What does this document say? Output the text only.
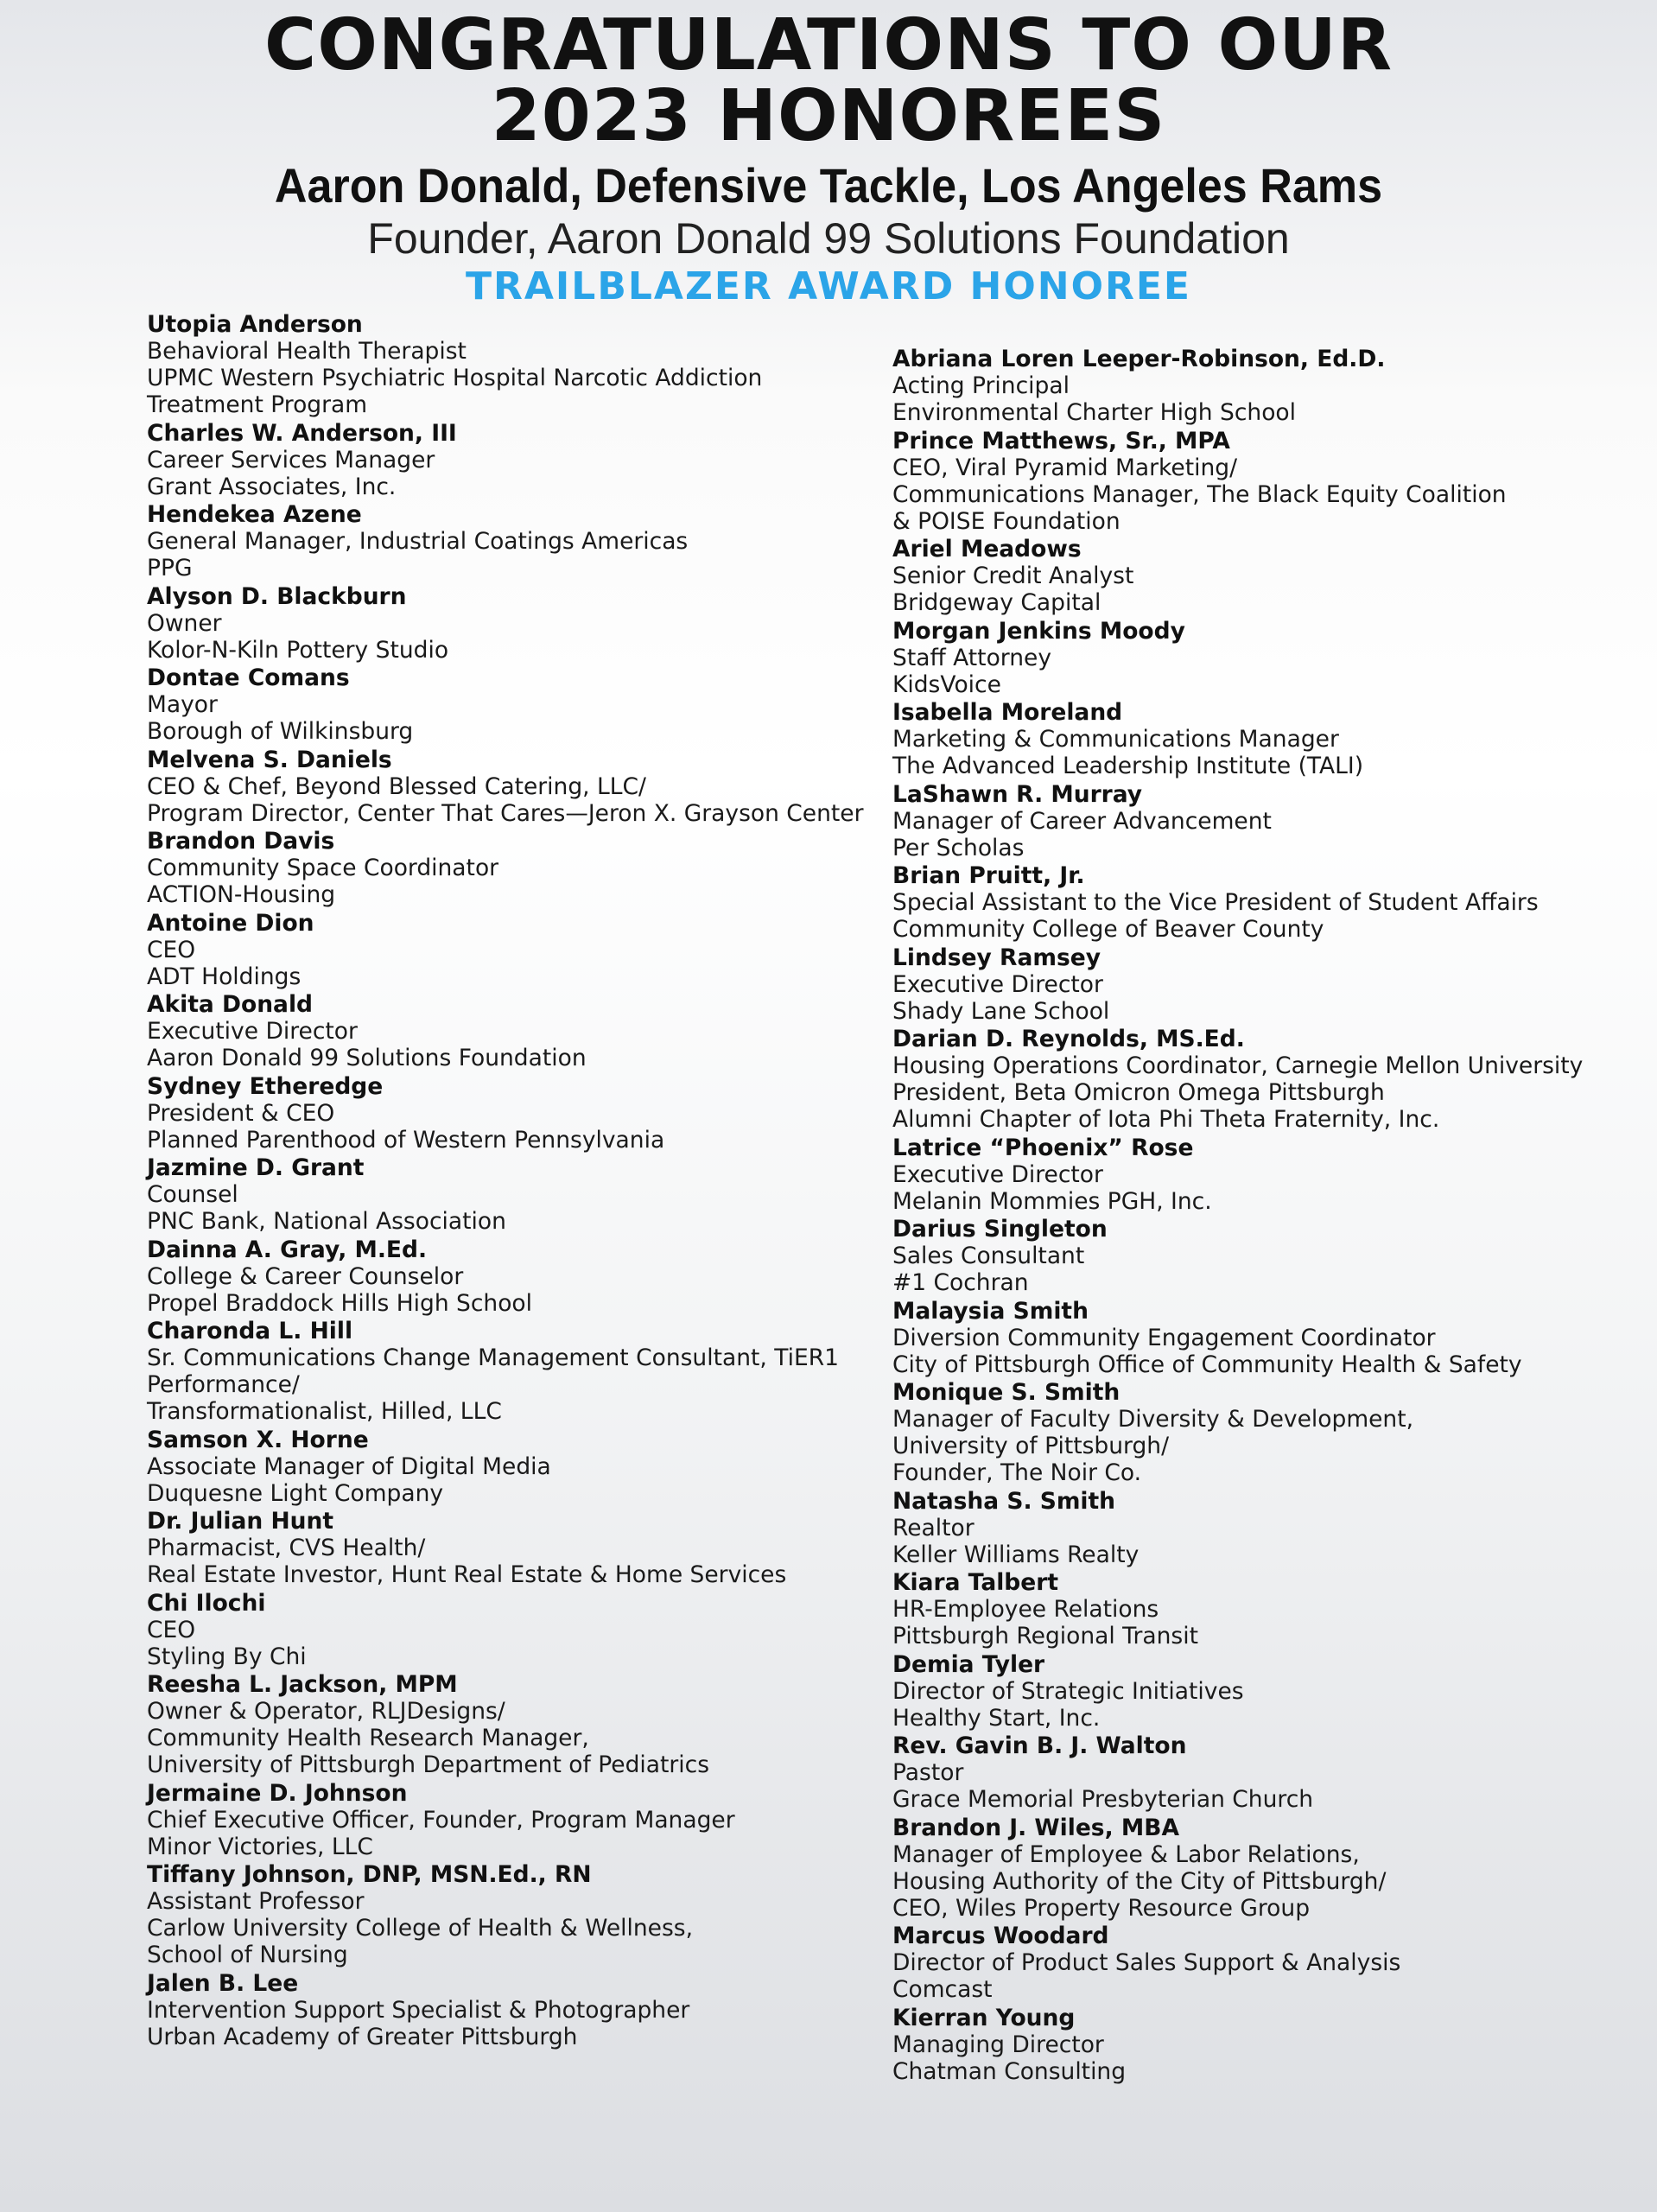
CONGRATULATIONS TO OUR
2023 HONOREES
Aaron Donald, Defensive Tackle, Los Angeles Rams
Founder, Aaron Donald 99 Solutions Foundation
TRAILBLAZER AWARD HONOREE
Utopia Anderson
Behavioral Health Therapist
UPMC Western Psychiatric Hospital Narcotic Addiction
Treatment Program
Charles W. Anderson, III
Career Services Manager
Grant Associates, Inc.
Hendekea Azene
General Manager, Industrial Coatings Americas
PPG
Alyson D. Blackburn
Owner
Kolor-N-Kiln Pottery Studio
Dontae Comans
Mayor
Borough of Wilkinsburg
Melvena S. Daniels
CEO & Chef, Beyond Blessed Catering, LLC/
Program Director, Center That Cares—Jeron X. Grayson Center
Brandon Davis
Community Space Coordinator
ACTION-Housing
Antoine Dion
CEO
ADT Holdings
Akita Donald
Executive Director
Aaron Donald 99 Solutions Foundation
Sydney Etheredge
President & CEO
Planned Parenthood of Western Pennsylvania
Jazmine D. Grant
Counsel
PNC Bank, National Association
Dainna A. Gray, M.Ed.
College & Career Counselor
Propel Braddock Hills High School
Charonda L. Hill
Sr. Communications Change Management Consultant, TiER1
Performance/
Transformationalist, Hilled, LLC
Samson X. Horne
Associate Manager of Digital Media
Duquesne Light Company
Dr. Julian Hunt
Pharmacist, CVS Health/
Real Estate Investor, Hunt Real Estate & Home Services
Chi Ilochi
CEO
Styling By Chi
Reesha L. Jackson, MPM
Owner & Operator, RLJDesigns/
Community Health Research Manager,
University of Pittsburgh Department of Pediatrics
Jermaine D. Johnson
Chief Executive Officer, Founder, Program Manager
Minor Victories, LLC
Tiffany Johnson, DNP, MSN.Ed., RN
Assistant Professor
Carlow University College of Health & Wellness,
School of Nursing
Jalen B. Lee
Intervention Support Specialist & Photographer
Urban Academy of Greater Pittsburgh
Abriana Loren Leeper-Robinson, Ed.D.
Acting Principal
Environmental Charter High School
Prince Matthews, Sr., MPA
CEO, Viral Pyramid Marketing/
Communications Manager, The Black Equity Coalition
& POISE Foundation
Ariel Meadows
Senior Credit Analyst
Bridgeway Capital
Morgan Jenkins Moody
Staff Attorney
KidsVoice
Isabella Moreland
Marketing & Communications Manager
The Advanced Leadership Institute (TALI)
LaShawn R. Murray
Manager of Career Advancement
Per Scholas
Brian Pruitt, Jr.
Special Assistant to the Vice President of Student Affairs
Community College of Beaver County
Lindsey Ramsey
Executive Director
Shady Lane School
Darian D. Reynolds, MS.Ed.
Housing Operations Coordinator, Carnegie Mellon University
President, Beta Omicron Omega Pittsburgh
Alumni Chapter of Iota Phi Theta Fraternity, Inc.
Latrice “Phoenix” Rose
Executive Director
Melanin Mommies PGH, Inc.
Darius Singleton
Sales Consultant
#1 Cochran
Malaysia Smith
Diversion Community Engagement Coordinator
City of Pittsburgh Office of Community Health & Safety
Monique S. Smith
Manager of Faculty Diversity & Development,
University of Pittsburgh/
Founder, The Noir Co.
Natasha S. Smith
Realtor
Keller Williams Realty
Kiara Talbert
HR-Employee Relations
Pittsburgh Regional Transit
Demia Tyler
Director of Strategic Initiatives
Healthy Start, Inc.
Rev. Gavin B. J. Walton
Pastor
Grace Memorial Presbyterian Church
Brandon J. Wiles, MBA
Manager of Employee & Labor Relations,
Housing Authority of the City of Pittsburgh/
CEO, Wiles Property Resource Group
Marcus Woodard
Director of Product Sales Support & Analysis
Comcast
Kierran Young
Managing Director
Chatman Consulting
